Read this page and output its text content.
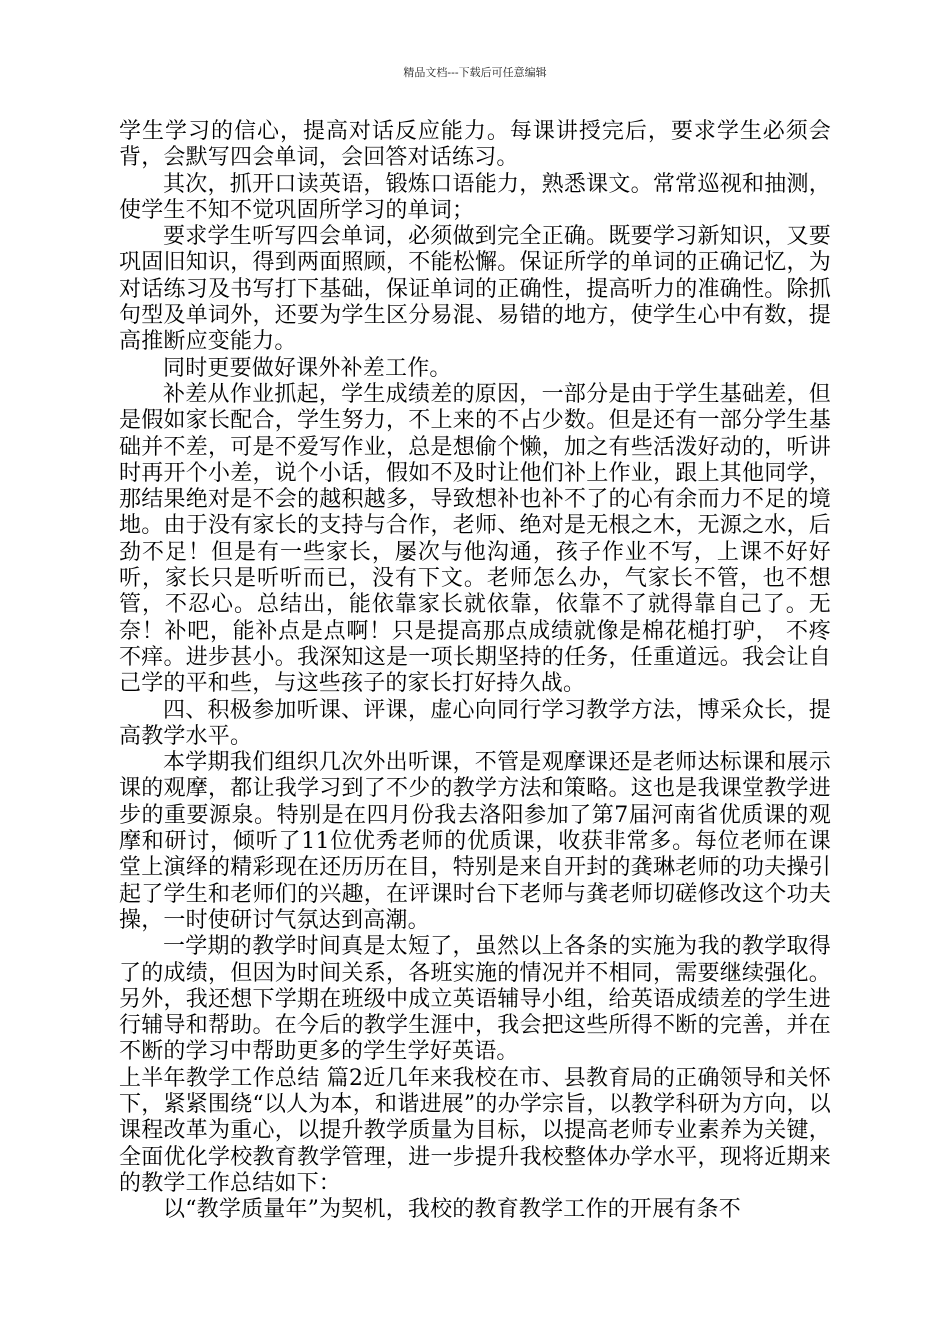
精品文档---下载后可任意编辑

学生学习的信心，提高对话反应能力。每课讲授完后，要求学生必须会背，会默写四会单词，会回答对话练习。

其次，抓开口读英语，锻炼口语能力，熟悉课文。常常巡视和抽测，使学生不知不觉巩固所学习的单词；

要求学生听写四会单词，必须做到完全正确。既要学习新知识，又要巩固旧知识，得到两面照顾，不能松懈。保证所学的单词的正确记忆，为对话练习及书写打下基础，保证单词的正确性，提高听力的准确性。除抓句型及单词外，还要为学生区分易混、易错的地方，使学生心中有数，提高推断应变能力。

同时更要做好课外补差工作。

补差从作业抓起，学生成绩差的原因，一部分是由于学生基础差，但是假如家长配合，学生努力，不上来的不占少数。但是还有一部分学生基础并不差，可是不爱写作业，总是想偷个懒，加之有些活泼好动的，听讲时再开个小差，说个小话，假如不及时让他们补上作业，跟上其他同学，那结果绝对是不会的越积越多，导致想补也补不了的心有余而力不足的境地。由于没有家长的支持与合作，老师、绝对是无根之木，无源之水，后劲不足！但是有一些家长，屡次与他沟通，孩子作业不写，上课不好好听，家长只是听听而已，没有下文。老师怎么办，气家长不管，也不想管，不忍心。总结出，能依靠家长就依靠，依靠不了就得靠自己了。无奈！补吧，能补点是点啊！只是提高那点成绩就像是棉花槌打驴， 不疼不痒。进步甚小。我深知这是一项长期坚持的任务，任重道远。我会让自己学的平和些，与这些孩子的家长打好持久战。

四、积极参加听课、评课，虚心向同行学习教学方法，博采众长，提高教学水平。

本学期我们组织几次外出听课，不管是观摩课还是老师达标课和展示课的观摩，都让我学习到了不少的教学方法和策略。这也是我课堂教学进步的重要源泉。特别是在四月份我去洛阳参加了第7届河南省优质课的观摩和研讨，倾听了11位优秀老师的优质课，收获非常多。每位老师在课堂上演绎的精彩现在还历历在目，特别是来自开封的龚琳老师的功夫操引起了学生和老师们的兴趣，在评课时台下老师与龚老师切磋修改这个功夫操，一时使研讨气氛达到高潮。

一学期的教学时间真是太短了，虽然以上各条的实施为我的教学取得了的成绩，但因为时间关系，各班实施的情况并不相同，需要继续强化。另外，我还想下学期在班级中成立英语辅导小组，给英语成绩差的学生进行辅导和帮助。在今后的教学生涯中，我会把这些所得不断的完善，并在不断的学习中帮助更多的学生学好英语。

上半年教学工作总结 篇2近几年来我校在市、县教育局的正确领导和关怀下，紧紧围绕“以人为本，和谐进展”的办学宗旨，以教学科研为方向，以课程改革为重心，以提升教学质量为目标，以提高老师专业素养为关键，全面优化学校教育教学管理，进一步提升我校整体办学水平，现将近期来的教学工作总结如下：

以“教学质量年”为契机，我校的教育教学工作的开展有条不
